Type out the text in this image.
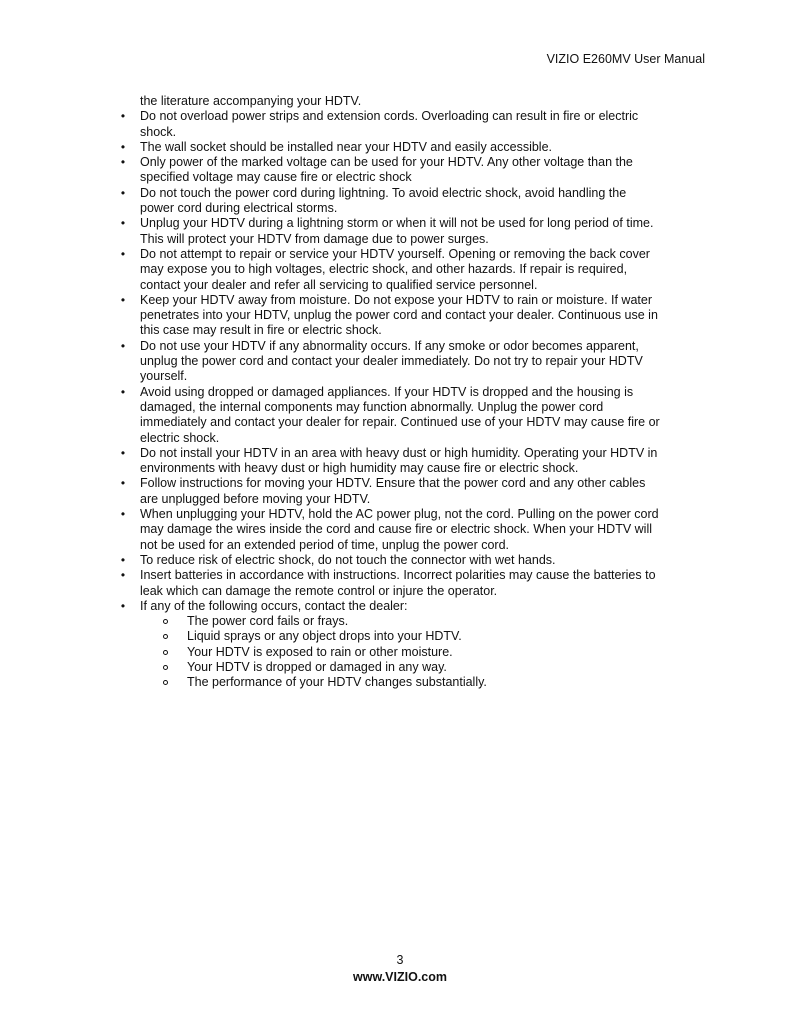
VIZIO E260MV User Manual
the literature accompanying your HDTV.
• Do not overload power strips and extension cords. Overloading can result in fire or electric shock.
• The wall socket should be installed near your HDTV and easily accessible.
• Only power of the marked voltage can be used for your HDTV. Any other voltage than the specified voltage may cause fire or electric shock
• Do not touch the power cord during lightning. To avoid electric shock, avoid handling the power cord during electrical storms.
• Unplug your HDTV during a lightning storm or when it will not be used for long period of time. This will protect your HDTV from damage due to power surges.
• Do not attempt to repair or service your HDTV yourself. Opening or removing the back cover may expose you to high voltages, electric shock, and other hazards. If repair is required, contact your dealer and refer all servicing to qualified service personnel.
• Keep your HDTV away from moisture. Do not expose your HDTV to rain or moisture. If water penetrates into your HDTV, unplug the power cord and contact your dealer. Continuous use in this case may result in fire or electric shock.
• Do not use your HDTV if any abnormality occurs. If any smoke or odor becomes apparent, unplug the power cord and contact your dealer immediately. Do not try to repair your HDTV yourself.
• Avoid using dropped or damaged appliances. If your HDTV is dropped and the housing is damaged, the internal components may function abnormally. Unplug the power cord immediately and contact your dealer for repair. Continued use of your HDTV may cause fire or electric shock.
• Do not install your HDTV in an area with heavy dust or high humidity. Operating your HDTV in environments with heavy dust or high humidity may cause fire or electric shock.
• Follow instructions for moving your HDTV. Ensure that the power cord and any other cables are unplugged before moving your HDTV.
• When unplugging your HDTV, hold the AC power plug, not the cord. Pulling on the power cord may damage the wires inside the cord and cause fire or electric shock. When your HDTV will not be used for an extended period of time, unplug the power cord.
• To reduce risk of electric shock, do not touch the connector with wet hands.
• Insert batteries in accordance with instructions. Incorrect polarities may cause the batteries to leak which can damage the remote control or injure the operator.
• If any of the following occurs, contact the dealer:
The power cord fails or frays.
Liquid sprays or any object drops into your HDTV.
Your HDTV is exposed to rain or other moisture.
Your HDTV is dropped or damaged in any way.
The performance of your HDTV changes substantially.
3
www.VIZIO.com
